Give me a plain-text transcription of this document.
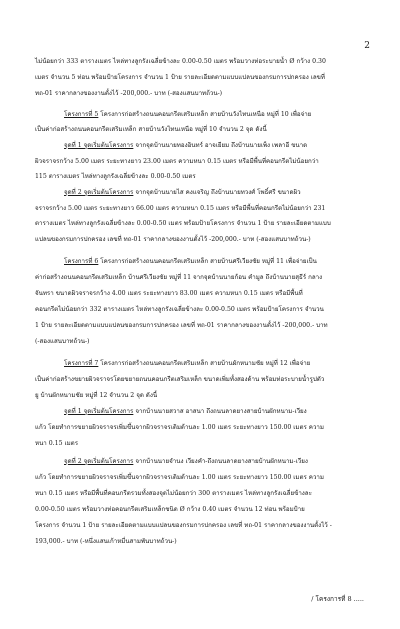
2
ไม่น้อยกว่า 333 ตารางเมตร ไหล่ทางลูกรังเฉลี่ยข้างละ 0.00-0.50 เมตร พร้อมวางท่อระบายน้ำ Ø กว้าง 0.30
เมตร จำนวน 5 ท่อน พร้อมป้ายโครงการ จำนวน 1 ป้าย รายละเอียดตามแบบแปลนของกรมการปกครอง เลขที่
ทถ-01 ราคากลางของงานตั้งไว้ -200,000.- บาท (-สองแสนบาทถ้วน-)
โครงการที่ 5 โครงการก่อสร้างถนนคอนกรีตเสริมเหล็ก สายบ้านวังไทนเหนือ หมู่ที่ 10 เพื่อจ่าย
เป็นค่าก่อสร้างถนนคอนกรีตเสริมเหล็ก สายบ้านวังไทนเหนือ หมู่ที่ 10 จำนวน 2 จุด ดังนี้
จุดที่ 1 จุดเริ่มต้นโครงการ จากจุดบ้านนายทองอินทร์ อาจเยียม ถึงบ้านนายเพ็ง เพลาอี ขนาด
ผิวจราจรกว้าง 5.00 เมตร ระยะทางยาว 23.00 เมตร ความหนา 0.15 เมตร หรือมีพื้นที่คอนกรีตไม่น้อยกว่า
115 ตารางเมตร ไหล่ทางลูกรังเฉลี่ยข้างละ 0.00-0.50 เมตร
จุดที่ 2 จุดเริ่มต้นโครงการ จากจุดบ้านนายไส คงแจริญ ถึงบ้านนายทวงศ์ โพธิ์ศรี ขนาดผิว
จราจรกว้าง 5.00 เมตร ระยะทางยาว 66.00 เมตร ความหนา 0.15 เมตร หรือมีพื้นที่คอนกรีตไม่น้อยกว่า 231
ตารางเมตร ไหล่ทางลูกรังเฉลี่ยข้างละ 0.00-0.50 เมตร พร้อมป้ายโครงการ จำนวน 1 ป้าย รายละเอียดตามแบบ
แปลนของกรมการปกครอง เลขที่ ทถ-01 ราคากลางของงานตั้งไว้ -200,000.- บาท (-สองแสนบาทถ้วน-)
โครงการที่ 6 โครงการก่อสร้างถนนคอนกรีตเสริมเหล็ก สายบ้านศรีเวียงชัย หมู่ที่ 11 เพื่อจ่ายเป็น
ค่าก่อสร้างถนนคอนกรีตเสริมเหล็ก บ้านศรีเวียงชัย หมู่ที่ 11 จากจุดบ้านนายก้อน คำมูล ถึงบ้านนายสุธีร์ กลาง
จันทรา ขนาดผิวจราจรกว้าง 4.00 เมตร ระยะทางยาว 83.00 เมตร ความหนา 0.15 เมตร หรือมีพื้นที่
คอนกรีตไม่น้อยกว่า 332 ตารางเมตร ไหล่ทางลูกรังเฉลี่ยข้างละ 0.00-0.50 เมตร พร้อมป้ายโครงการ จำนวน
1 ป้าย รายละเอียดตามแบบแปลนของกรมการปกครอง เลขที่ ทถ-01 ราคากลางของงานตั้งไว้ -200,000.- บาท
(-สองแสนบาทถ้วน-)
โครงการที่ 7 โครงการก่อสร้างถนนคอนกรีตเสริมเหล็ก สายบ้านผักหนามชัย หมู่ที่ 12 เพื่อจ่าย
เป็นค่าก่อสร้างขยายผิวจราจรโดยขยายถนนคอนกรีตเสริมเหล็ก ขนาดเพิ่มทั้งสองด้าน พร้อมท่อระบายน้ำรูปตัว
ยู บ้านผักหนามชัย หมู่ที่ 12 จำนวน 2 จุด ดังนี้
จุดที่ 1 จุดเริ่มต้นโครงการ จากบ้านนายสวาส อาสนา ถึงถนนลาดยางสายบ้านผักหนาม-เวียง
แก้ว โดยทำการขยายผิวจราจรเพิ่มขึ้นจากผิวจราจรเดิมด้านละ 1.00 เมตร ระยะทางยาว 150.00 เมตร ความ
หนา 0.15 เมตร
จุดที่ 2 จุดเริ่มต้นโครงการ จากบ้านนายจำนง เวียงคำ-ถึงถนนลาดยางสายบ้านผักหนาม-เวียง
แก้ว โดยทำการขยายผิวจราจรเพิ่มขึ้นจากผิวจราจรเดิมด้านละ 1.00 เมตร ระยะทางยาว 150.00 เมตร ความ
หนา 0.15 เมตร หรือมีพื้นที่คอนกรีตรวมทั้งสองจุดไม่น้อยกว่า 300 ตารางเมตร ไหล่ทางลูกรังเฉลี่ยข้างละ
0.00-0.50 เมตร พร้อมวางท่อคอนกรีตเสริมเหล็กชนิด Ø กว้าง 0.40 เมตร จำนวน 12 ท่อน พร้อมป้าย
โครงการ จำนวน 1 ป้าย รายละเอียดตามแบบแปลนของกรมการปกครอง เลขที่ ทถ-01 ราคากลางของงานตั้งไว้ -
193,000.- บาท (-หนึ่งแสนเก้าหมื่นสามพันบาทถ้วน-)
/ โครงการที่ 8 .....
